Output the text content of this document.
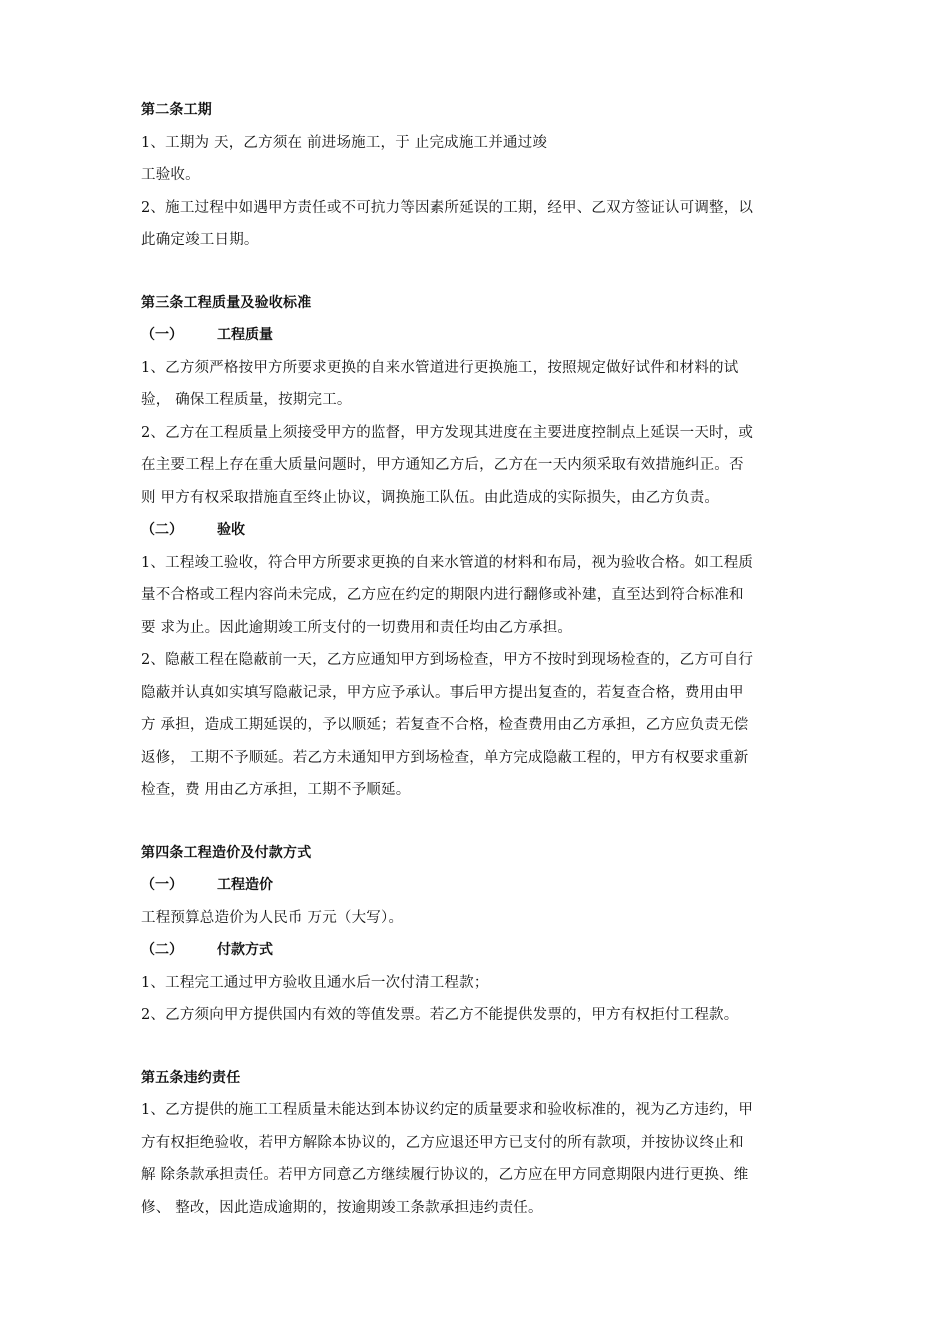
第二条工期

1、工期为 天，乙方须在 前进场施工，于 止完成施工并通过竣

工验收。

2、施工过程中如遇甲方责任或不可抗力等因素所延误的工期，经甲、乙双方签证认可调整，以

此确定竣工日期。

第三条工程质量及验收标准

（一）	工程质量

1、乙方须严格按甲方所要求更换的自来水管道进行更换施工，按照规定做好试件和材料的试

验， 确保工程质量，按期完工。

2、乙方在工程质量上须接受甲方的监督，甲方发现其进度在主要进度控制点上延误一天时，或

在主要工程上存在重大质量问题时，甲方通知乙方后，乙方在一天内须采取有效措施纠正。否

则 甲方有权采取措施直至终止协议，调换施工队伍。由此造成的实际损失，由乙方负责。

（二）	验收

1、工程竣工验收，符合甲方所要求更换的自来水管道的材料和布局，视为验收合格。如工程质

量不合格或工程内容尚未完成，乙方应在约定的期限内进行翻修或补建，直至达到符合标准和

要 求为止。因此逾期竣工所支付的一切费用和责任均由乙方承担。

2、隐蔽工程在隐蔽前一天，乙方应通知甲方到场检查，甲方不按时到现场检查的，乙方可自行

隐蔽并认真如实填写隐蔽记录，甲方应予承认。事后甲方提出复查的，若复查合格，费用由甲

方 承担，造成工期延误的，予以顺延；若复查不合格，检查费用由乙方承担，乙方应负责无偿

返修， 工期不予顺延。若乙方未通知甲方到场检查，单方完成隐蔽工程的，甲方有权要求重新

检查，费 用由乙方承担，工期不予顺延。

第四条工程造价及付款方式

（一）	工程造价

工程预算总造价为人民币 万元（大写）。

（二）	付款方式

1、工程完工通过甲方验收且通水后一次付清工程款；

2、乙方须向甲方提供国内有效的等值发票。若乙方不能提供发票的，甲方有权拒付工程款。

第五条违约责任

1、乙方提供的施工工程质量未能达到本协议约定的质量要求和验收标准的，视为乙方违约，甲

方有权拒绝验收，若甲方解除本协议的，乙方应退还甲方已支付的所有款项，并按协议终止和

解 除条款承担责任。若甲方同意乙方继续履行协议的，乙方应在甲方同意期限内进行更换、维

修、 整改，因此造成逾期的，按逾期竣工条款承担违约责任。
